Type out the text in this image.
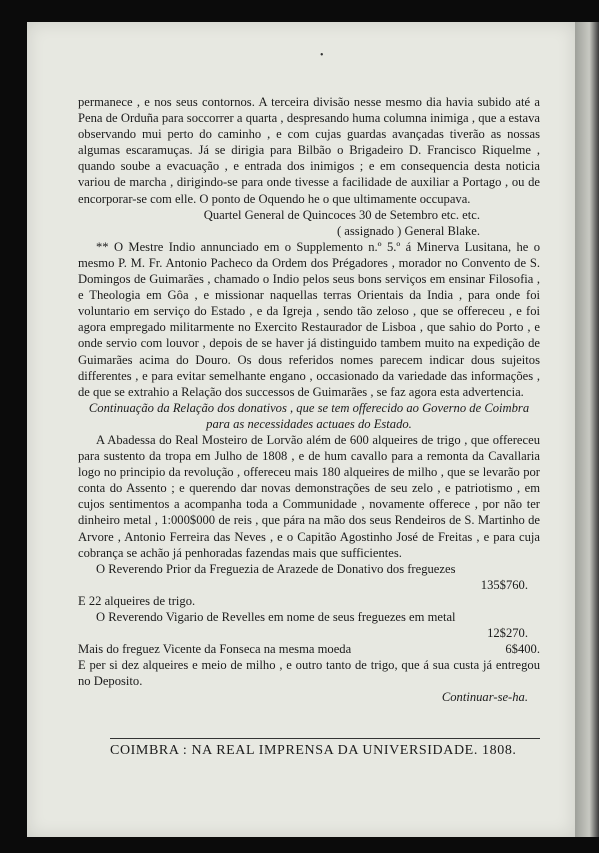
•

permanece , e nos seus contornos. A terceira divisão nesse mesmo dia havia subido até a Pena de Orduña para soccorrer a quarta , despresando huma columna inimiga , que a estava observando mui perto do caminho , e com cujas guardas avançadas tiverão as nossas algumas escaramuças. Já se dirigia para Bilbão o Brigadeiro D. Francisco Riquelme , quando soube a evacuação , e entrada dos inimigos ; e em consequencia desta noticia variou de marcha , dirigindo-se para onde tivesse a facilidade de auxiliar a Portago , ou de encorporar-se com elle. O ponto de Oquendo he o que ultimamente occupava.

Quartel General de Quincoces 30 de Setembro etc. etc.

( assignado ) General Blake.

** O Mestre Indio annunciado em o Supplemento n.º 5.º á Minerva Lusitana, he o mesmo P. M. Fr. Antonio Pacheco da Ordem dos Prégadores , morador no Convento de S. Domingos de Guimarães , chamado o Indio pelos seus bons serviços em ensinar Filosofia , e Theologia em Gôa , e missionar naquellas terras Orientais da India , para onde foi voluntario em serviço do Estado , e da Igreja , sendo tão zeloso , que se offereceu , e foi agora empregado militarmente no Exercito Restaurador de Lisboa , que sahio do Porto , e onde servio com louvor , depois de se haver já distinguido tambem muito na expedição de Guimarães acima do Douro. Os dous referidos nomes parecem indicar dous sujeitos differentes , e para evitar semelhante engano , occasionado da variedade das informações , de que se extrahio a Relação dos successos de Guimarães , se faz agora esta advertencia.

Continuação da Relação dos donativos , que se tem offerecido ao Governo de Coimbra para as necessidades actuaes do Estado.

A Abadessa do Real Mosteiro de Lorvão além de 600 alqueires de trigo , que offereceu para sustento da tropa em Julho de 1808 , e de hum cavallo para a remonta da Cavallaria logo no principio da revolução , offereceu mais 180 alqueires de milho , que se levarão por conta do Assento ; e querendo dar novas demonstrações de seu zelo , e patriotismo , em cujos sentimentos a acompanha toda a Communidade , novamente offerece , por não ter dinheiro metal , 1:000$000 de reis , que pára na mão dos seus Rendeiros de S. Martinho de Arvore , Antonio Ferreira das Neves , e o Capitão Agostinho José de Freitas , e para cuja cobrança se achão já penhoradas fazendas mais que sufficientes.

O Reverendo Prior da Freguezia de Arazede de Donativo dos freguezes

135$760.

E 22 alqueires de trigo.

O Reverendo Vigario de Revelles em nome de seus freguezes em metal

12$270.

Mais do freguez Vicente da Fonseca na mesma moeda	6$400.

E per si dez alqueires e meio de milho , e outro tanto de trigo, que á sua custa já entregou no Deposito.

Continuar-se-ha.

COIMBRA : NA REAL IMPRENSA DA UNIVERSIDADE. 1808.
